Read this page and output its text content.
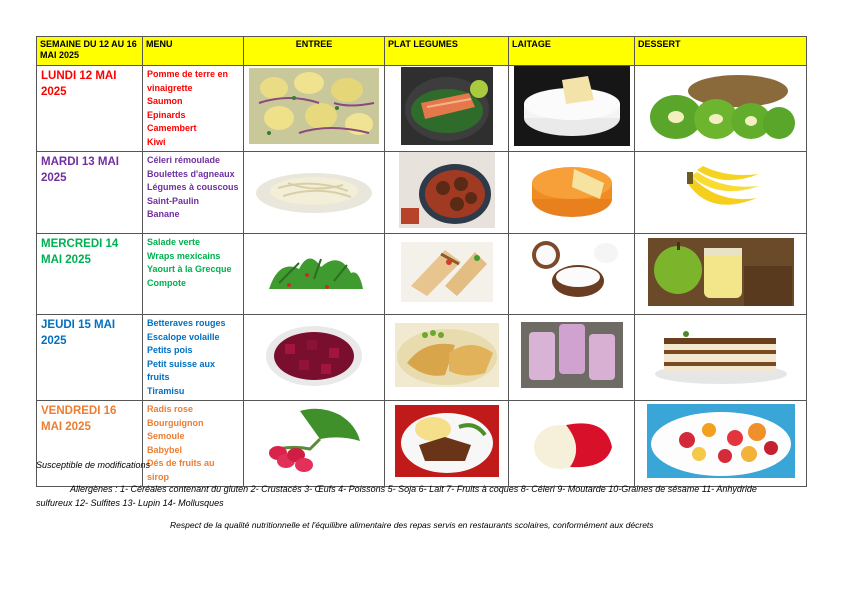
SEMAINE DU 12 AU 16 MAI 2025	MENU	ENTREE	PLAT LEGUMES	LAITAGE	DESSERT
LUNDI 12 MAI 2025	Pomme de terre en vinaigrette
Saumon
Epinards
Camembert
Kiwi

MARDI 13 MAI 2025	Céleri rémoulade
Boulettes d'agneaux
Légumes à couscous
Saint-Paulin
Banane

MERCREDI 14 MAI 2025	Salade verte
Wraps mexicains
Yaourt à la Grecque
Compote

JEUDI 15 MAI 2025	Betteraves rouges
Escalope volaille
Petits pois
Petit suisse aux fruits
Tiramisu

VENDREDI 16 MAI 2025	Radis rose
Bourguignon
Semoule
Babybel
Dés de fruits au sirop

Susceptible de modifications
Allergènes : 1- Céréales contenant du gluten 2- Crustacés 3- Œufs 4- Poissons 5- Soja 6- Lait 7- Fruits à coques 8- Céleri 9- Moutarde 10-Graines de sésame 11- Anhydride sulfureux 12- Sulfites 13- Lupin 14- Mollusques
Respect de la qualité nutritionnelle et l'équilibre alimentaire des repas servis en restaurants scolaires, conformément aux décrets
